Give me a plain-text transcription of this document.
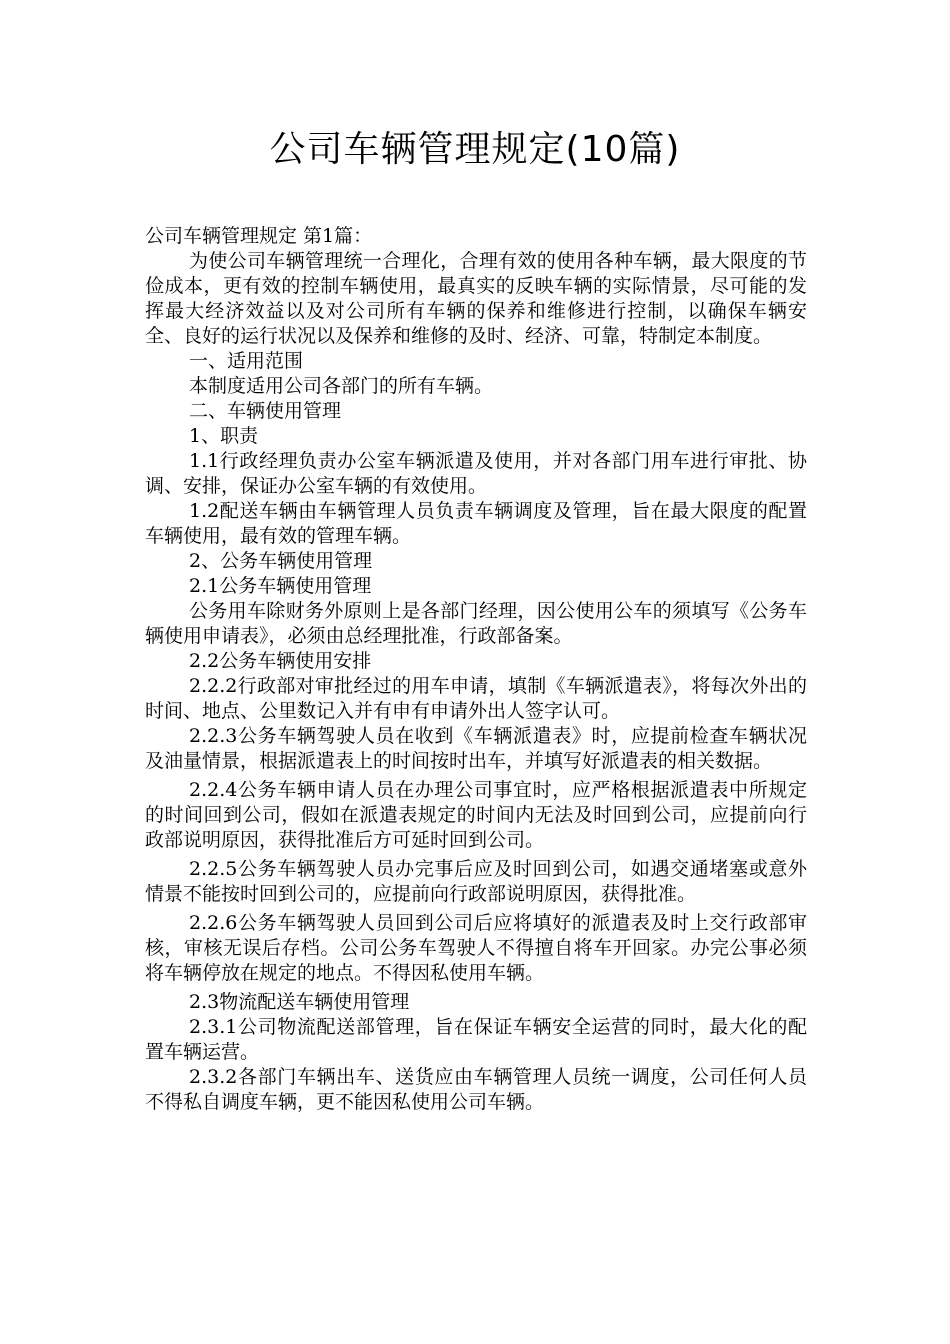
公司车辆管理规定(10篇)

公司车辆管理规定 第1篇：

为使公司车辆管理统一合理化，合理有效的使用各种车辆，最大限度的节俭成本，更有效的控制车辆使用，最真实的反映车辆的实际情景，尽可能的发挥最大经济效益以及对公司所有车辆的保养和维修进行控制，以确保车辆安全、良好的运行状况以及保养和维修的及时、经济、可靠，特制定本制度。

一、适用范围

本制度适用公司各部门的所有车辆。

二、车辆使用管理

1、职责

1.1行政经理负责办公室车辆派遣及使用，并对各部门用车进行审批、协调、安排，保证办公室车辆的有效使用。

1.2配送车辆由车辆管理人员负责车辆调度及管理，旨在最大限度的配置车辆使用，最有效的管理车辆。

2、公务车辆使用管理

2.1公务车辆使用管理

公务用车除财务外原则上是各部门经理，因公使用公车的须填写《公务车辆使用申请表》，必须由总经理批准，行政部备案。

2.2公务车辆使用安排

2.2.2行政部对审批经过的用车申请，填制《车辆派遣表》，将每次外出的时间、地点、公里数记入并有申有申请外出人签字认可。

2.2.3公务车辆驾驶人员在收到《车辆派遣表》时，应提前检查车辆状况及油量情景，根据派遣表上的时间按时出车，并填写好派遣表的相关数据。

2.2.4公务车辆申请人员在办理公司事宜时，应严格根据派遣表中所规定的时间回到公司，假如在派遣表规定的时间内无法及时回到公司，应提前向行政部说明原因，获得批准后方可延时回到公司。

2.2.5公务车辆驾驶人员办完事后应及时回到公司，如遇交通堵塞或意外情景不能按时回到公司的，应提前向行政部说明原因，获得批准。

2.2.6公务车辆驾驶人员回到公司后应将填好的派遣表及时上交行政部审核，审核无误后存档。公司公务车驾驶人不得擅自将车开回家。办完公事必须将车辆停放在规定的地点。不得因私使用车辆。

2.3物流配送车辆使用管理

2.3.1公司物流配送部管理，旨在保证车辆安全运营的同时，最大化的配置车辆运营。

2.3.2各部门车辆出车、送货应由车辆管理人员统一调度，公司任何人员不得私自调度车辆，更不能因私使用公司车辆。
